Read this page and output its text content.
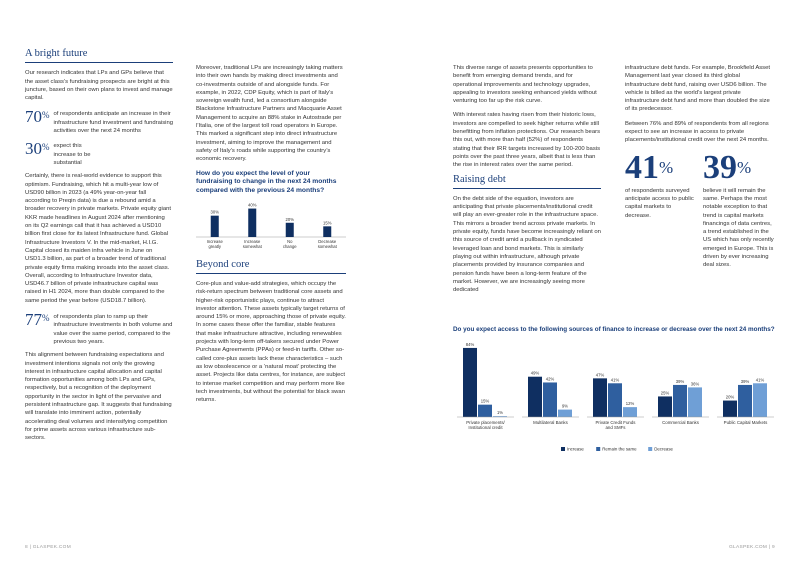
A bright future

Our research indicates that LPs and GPs believe that the asset class’s fundraising prospects are bright at this juncture, based on their own plans to invest and manage capital.

70% of respondents anticipate an increase in their infrastructure fund investment and fundraising activities over the next 24 months
30% expect this increase to be substantial

Certainly, there is real-world evidence to support this optimism. Fundraising, which hit a multi-year low of USD90 billion in 2023 (a 49% year-on-year fall according to Preqin data) is due a rebound amid a broader recovery in private markets. Private equity giant KKR made headlines in August 2024 after mentioning on its Q2 earnings call that it has achieved a USD10 billion first close for its latest Infrastructure fund. Global Infrastructure Investors V. In the mid-market, H.I.G. Capital closed its maiden infra vehicle in June on USD1.3 billion, as part of a broader trend of traditional private equity firms making inroads into the asset class. Overall, according to Infrastructure Investor data, USD46.7 billion of private infrastructure capital was raised in H1 2024, more than double compared to the same period the year before (USD18.7 billion).

77% of respondents plan to ramp up their infrastructure investments in both volume and value over the same period, compared to the previous two years.

This alignment between fundraising expectations and investment intentions signals not only the growing interest in infrastructure capital allocation and capital formation opportunities among both LPs and GPs, respectively, but a recognition of the deployment opportunity in the sector in light of the pervasive and persistent infrastructure gap. It suggests that fundraising will translate into imminent action, potentially accelerating deal volumes and intensifying competition for prime assets across various infrastructure sub-sectors.

Moreover, traditional LPs are increasingly taking matters into their own hands by making direct investments and co-investments outside of and alongside funds. For example, in 2022, CDP Equity, which is part of Italy’s sovereign wealth fund, led a consortium alongside Blackstone Infrastructure Partners and Macquarie Asset Management to acquire an 88% stake in Autostrade per l’Italia, one of the largest toll road operators in Europe. This marked a significant step into direct infrastructure investment, aiming to improve the management and safety of Italy’s roads while supporting the country’s economic recovery.

How do you expect the level of your fundraising to change in the next 24 months compared with the previous 24 months?

30%
Increase
greatly
40%
Increase
somewhat
20%
No
change
15%
Decrease
somewhat
Beyond core

Core-plus and value-add strategies, which occupy the risk-return spectrum between traditional core assets and higher-risk opportunistic plays, continue to attract investor attention. These assets typically target returns of around 15% or more, approaching those of private equity. In some cases these offer the familiar, stable features that make infrastructure attractive, including renewables projects with long-term off-takers secured under Power Purchase Agreements (PPAs) or feed-in tariffs. Other so-called core-plus assets lack these characteristics – such as low obsolescence or a ‘natural moat’ protecting the asset. Projects like data centres, for instance, are subject to intense market competition and may perform more like tech investments, but without the potential for black swan returns.

This diverse range of assets presents opportunities to benefit from emerging demand trends, and for operational improvements and technology upgrades, appealing to investors seeking enhanced yields without venturing too far up the risk curve.

With interest rates having risen from their historic lows, investors are compelled to seek higher returns while still benefitting from inflation protections. Our research bears this out, with more than half (52%) of respondents stating that their IRR targets increased by 100-200 basis points over the past three years, albeit that is less than the rise in interest rates over the same period.

Raising debt

On the debt side of the equation, investors are anticipating that private placements/institutional credit will play an ever-greater role in the infrastructure space. This mirrors a broader trend across private markets. In private equity, funds have become increasingly reliant on this source of credit amid a pullback in syndicated leveraged loan and bond markets. This is similarly playing out within infrastructure, although private placements provided by insurance companies and pension funds have been a long-term feature of the market. However, we are increasingly seeing more dedicated

infrastructure debt funds. For example, Brookfield Asset Management last year closed its third global infrastructure debt fund, raising over USD6 billion. The vehicle is billed as the world’s largest private infrastructure debt fund and more than doubled the size of its predecessor.

Between 76% and 89% of respondents from all regions expect to see an increase in access to private placements/institutional credit over the next 24 months.

41%
of respondents surveyed anticipate access to public capital markets to decrease.
39%
believe it will remain the same. Perhaps the most notable exception to that trend is capital markets financings of data centres, a trend established in the US which has only recently emerged in Europe. This is driven by ever increasing deal sizes.

Do you expect access to the following sources of finance to increase or decrease over the next 24 months?

84%
15%
1%
Private placements/
Institutional credit
49%
42%
9%
Multilateral Banks
47%
41%
12%
Private Credit Funds
and SMFs
25%
39% 36%
Commercial Banks
20%
39% 41%
Public Capital Markets
Increase	Remain the same	Decrease
8 | GLASPEK.COM	GLASPEK.COM | 9
